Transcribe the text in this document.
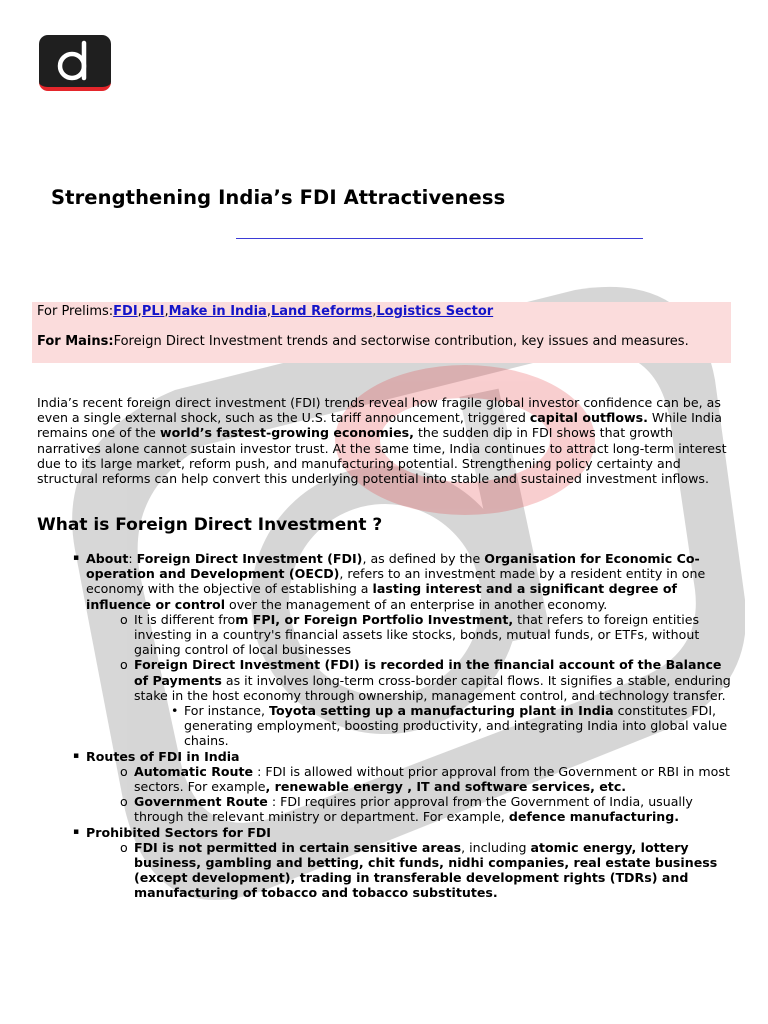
Strengthening India’s FDI Attractiveness
For Prelims:FDI,PLI,Make in India,Land Reforms,Logistics Sector
For Mains:Foreign Direct Investment trends and sectorwise contribution, key issues and measures.

India’s recent foreign direct investment (FDI) trends reveal how fragile global investor confidence can be, as even a single external shock, such as the U.S. tariff announcement, triggered capital outflows. While India remains one of the world’s fastest-growing economies, the sudden dip in FDI shows that growth narratives alone cannot sustain investor trust. At the same time, India continues to attract long-term interest due to its large market, reform push, and manufacturing potential. Strengthening policy certainty and structural reforms can help convert this underlying potential into stable and sustained investment inflows.

What is Foreign Direct Investment ?
▪ About: Foreign Direct Investment (FDI), as defined by the Organisation for Economic Co-operation and Development (OECD), refers to an investment made by a resident entity in one economy with the objective of establishing a lasting interest and a significant degree of influence or control over the management of an enterprise in another economy.

o It is different from FPI, or Foreign Portfolio Investment, that refers to foreign entities investing in a country's financial assets like stocks, bonds, mutual funds, or ETFs, without gaining control of local businesses

o Foreign Direct Investment (FDI) is recorded in the financial account of the Balance of Payments as it involves long-term cross-border capital flows. It signifies a stable, enduring stake in the host economy through ownership, management control, and technology transfer.

• For instance, Toyota setting up a manufacturing plant in India constitutes FDI, generating employment, boosting productivity, and integrating India into global value chains.

▪ Routes of FDI in India

o Automatic Route : FDI is allowed without prior approval from the Government or RBI in most sectors. For example, renewable energy , IT and software services, etc.

o Government Route : FDI requires prior approval from the Government of India, usually through the relevant ministry or department. For example, defence manufacturing.

▪ Prohibited Sectors for FDI

o FDI is not permitted in certain sensitive areas, including atomic energy, lottery business, gambling and betting, chit funds, nidhi companies, real estate business (except development), trading in transferable development rights (TDRs) and manufacturing of tobacco and tobacco substitutes.
